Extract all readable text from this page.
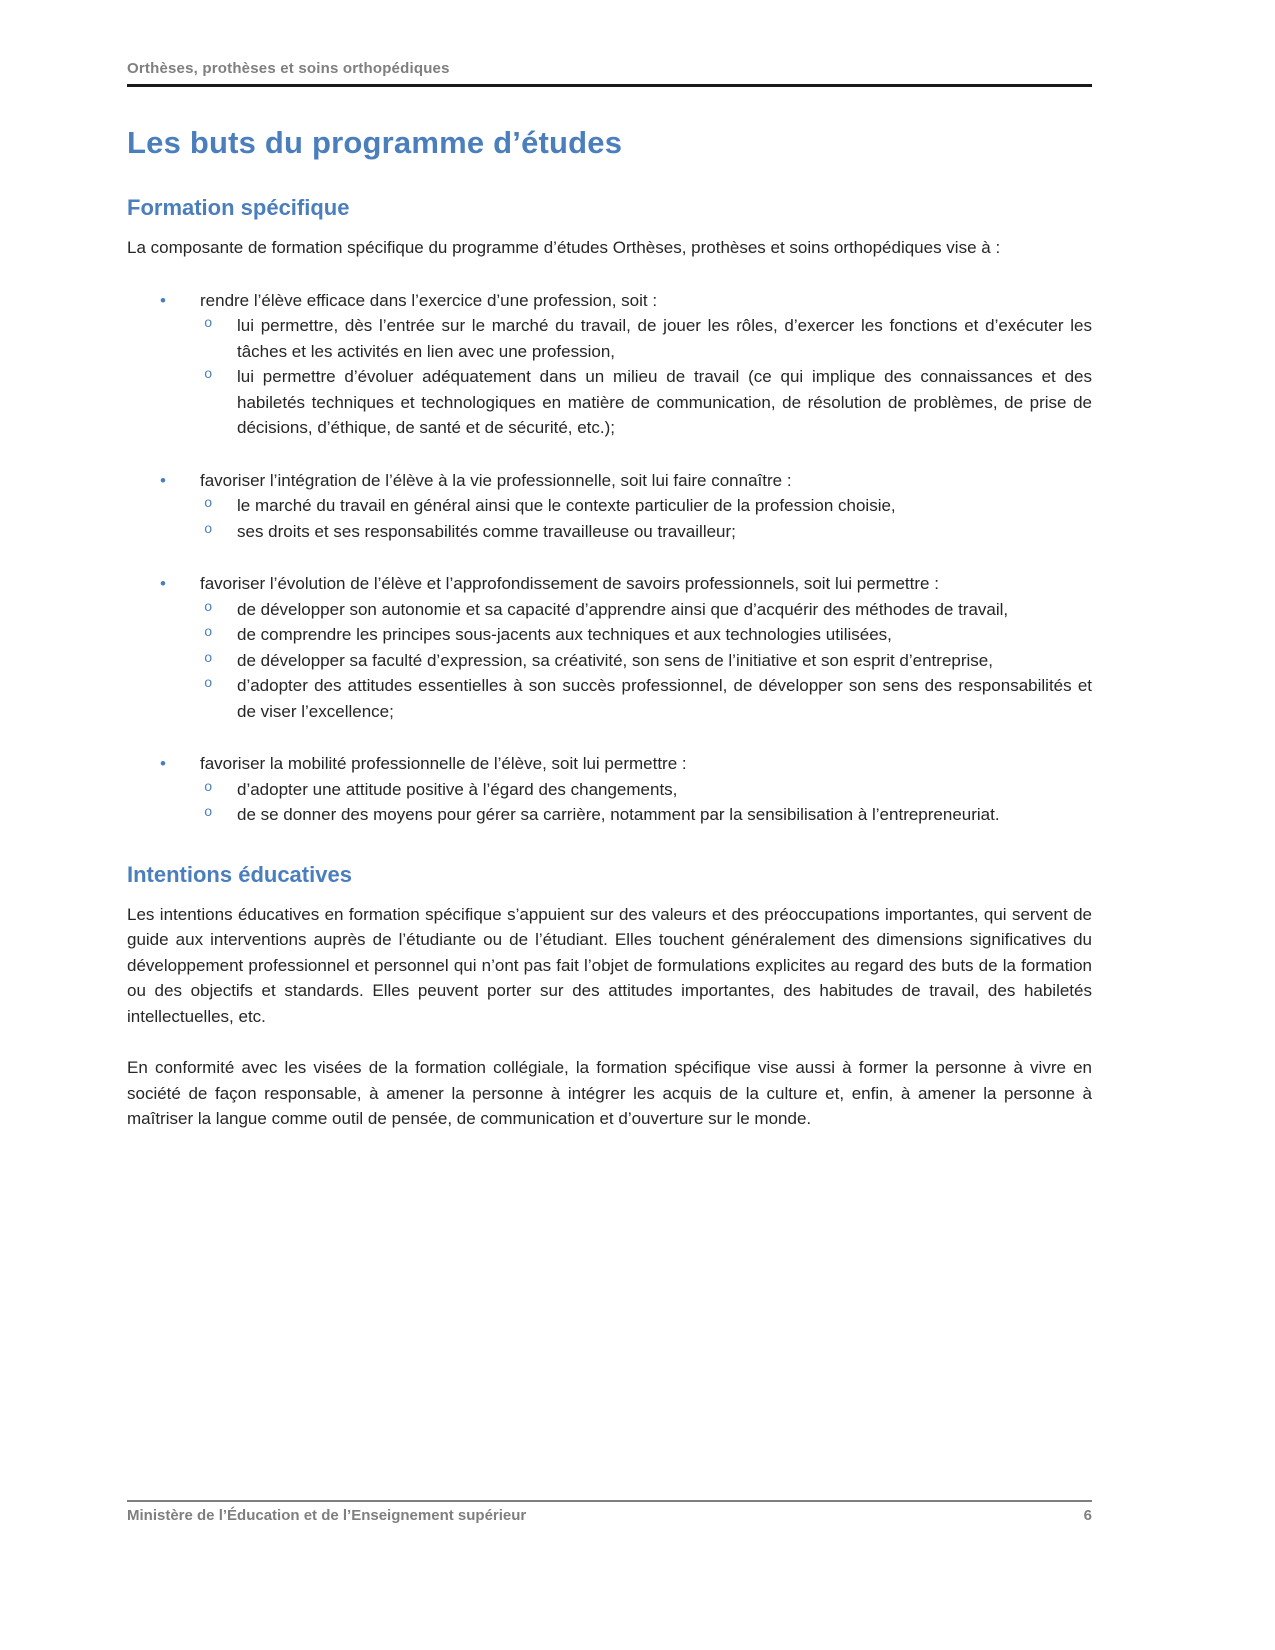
Orthèses, prothèses et soins orthopédiques
Les buts du programme d’études
Formation spécifique

La composante de formation spécifique du programme d’études Orthèses, prothèses et soins orthopédiques vise à :

• rendre l’élève efficace dans l’exercice d’une profession, soit :
o lui permettre, dès l’entrée sur le marché du travail, de jouer les rôles, d’exercer les fonctions et d’exécuter les tâches et les activités en lien avec une profession,
o lui permettre d’évoluer adéquatement dans un milieu de travail (ce qui implique des connaissances et des habiletés techniques et technologiques en matière de communication, de résolution de problèmes, de prise de décisions, d’éthique, de santé et de sécurité, etc.);
• favoriser l’intégration de l’élève à la vie professionnelle, soit lui faire connaître :
o le marché du travail en général ainsi que le contexte particulier de la profession choisie,
o ses droits et ses responsabilités comme travailleuse ou travailleur;
• favoriser l’évolution de l’élève et l’approfondissement de savoirs professionnels, soit lui permettre :
o de développer son autonomie et sa capacité d’apprendre ainsi que d’acquérir des méthodes de travail,
o de comprendre les principes sous-jacents aux techniques et aux technologies utilisées,
o de développer sa faculté d’expression, sa créativité, son sens de l’initiative et son esprit d’entreprise,
o d’adopter des attitudes essentielles à son succès professionnel, de développer son sens des responsabilités et de viser l’excellence;
• favoriser la mobilité professionnelle de l’élève, soit lui permettre :
o d’adopter une attitude positive à l’égard des changements,
o de se donner des moyens pour gérer sa carrière, notamment par la sensibilisation à l’entrepreneuriat.
Intentions éducatives

Les intentions éducatives en formation spécifique s’appuient sur des valeurs et des préoccupations importantes, qui servent de guide aux interventions auprès de l’étudiante ou de l’étudiant. Elles touchent généralement des dimensions significatives du développement professionnel et personnel qui n’ont pas fait l’objet de formulations explicites au regard des buts de la formation ou des objectifs et standards. Elles peuvent porter sur des attitudes importantes, des habitudes de travail, des habiletés intellectuelles, etc.

En conformité avec les visées de la formation collégiale, la formation spécifique vise aussi à former la personne à vivre en société de façon responsable, à amener la personne à intégrer les acquis de la culture et, enfin, à amener la personne à maîtriser la langue comme outil de pensée, de communication et d’ouverture sur le monde.

Ministère de l’Éducation et de l’Enseignement supérieur	6
